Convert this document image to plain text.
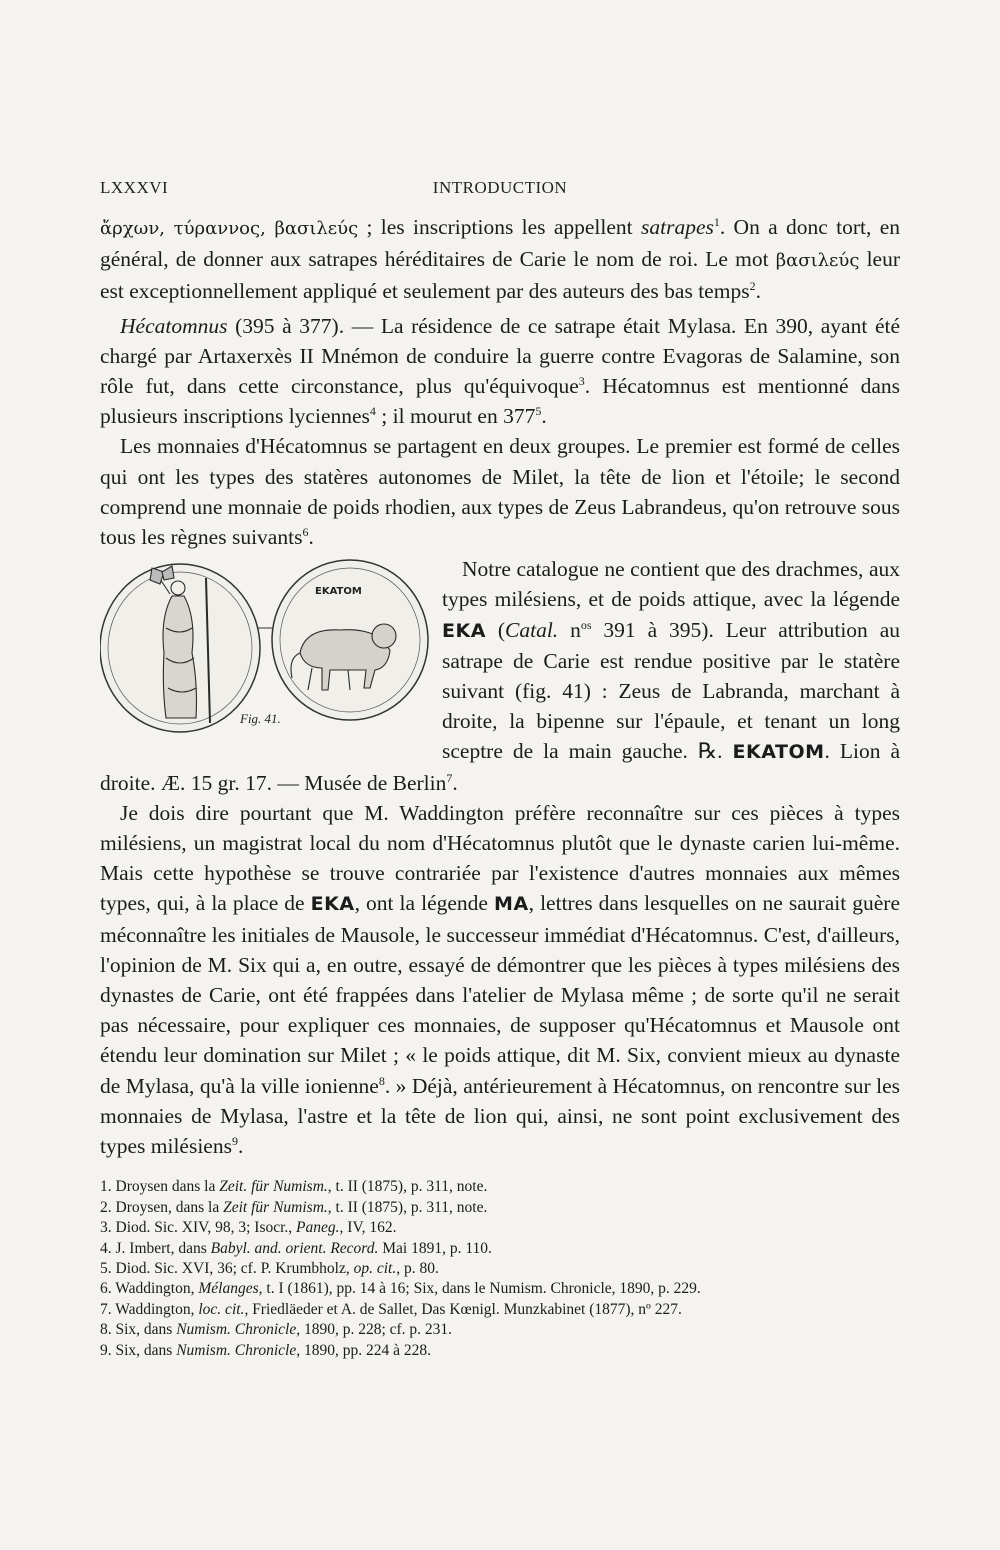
LXXXVI	INTRODUCTION

ἄρχων, τύραννος, βασιλεύς ; les inscriptions les appellent satrapes$^1$. On a donc tort, en général, de donner aux satrapes héréditaires de Carie le nom de roi. Le mot βασιλεύς leur est exceptionnellement appliqué et seulement par des auteurs des bas temps$^2$.

Hécatomnus (395 à 377). — La résidence de ce satrape était Mylasa. En 390, ayant été chargé par Artaxerxès II Mnémon de conduire la guerre contre Evagoras de Salamine, son rôle fut, dans cette circonstance, plus qu'équivoque$^3$. Hécatomnus est mentionné dans plusieurs inscriptions lyciennes$^4$ ; il mourut en $377^5$.

Les monnaies d'Hécatomnus se partagent en deux groupes. Le premier est formé de celles qui ont les types des statères autonomes de Milet, la tête de lion et l'étoile; le second comprend une monnaie de poids rhodien, aux types de Zeus Labrandeus, qu'on retrouve sous tous les règnes suivants$^6$.

EKATOM
Fig. 41.

Notre catalogue ne contient que des drachmes, aux types milésiens, et de poids attique, avec la légende EKA (Catal. $n^{os}$ 391 à 395). Leur attribution au satrape de Carie est rendue positive par le statère suivant (fig. 41) : Zeus de Labranda, marchant à droite, la bipenne sur l'épaule, et tenant un long sceptre de la main gauche. ℞. EKATOM. Lion à droite. Æ. 15 gr. 17. — Musée de Berlin$^7$.

Je dois dire pourtant que M. Waddington préfère reconnaître sur ces pièces à types milésiens, un magistrat local du nom d'Hécatomnus plutôt que le dynaste carien lui-même. Mais cette hypothèse se trouve contrariée par l'existence d'autres monnaies aux mêmes types, qui, à la place de EKA, ont la légende MA, lettres dans lesquelles on ne saurait guère méconnaître les initiales de Mausole, le successeur immédiat d'Hécatomnus. C'est, d'ailleurs, l'opinion de M. Six qui a, en outre, essayé de démontrer que les pièces à types milésiens des dynastes de Carie, ont été frappées dans l'atelier de Mylasa même ; de sorte qu'il ne serait pas nécessaire, pour expliquer ces monnaies, de supposer qu'Hécatomnus et Mausole ont étendu leur domination sur Milet ; « le poids attique, dit M. Six, convient mieux au dynaste de Mylasa, qu'à la ville ionienne$^8$. » Déjà, antérieurement à Hécatomnus, on rencontre sur les monnaies de Mylasa, l'astre et la tête de lion qui, ainsi, ne sont point exclusivement des types milésiens$^9$.

1. Droysen dans la Zeit. für Numism., t. II (1875), p. 311, note.
2. Droysen, dans la Zeit für Numism., t. II (1875), p. 311, note.
3. Diod. Sic. XIV, 98, 3; Isocr., Paneg., IV, 162.
4. J. Imbert, dans Babyl. and. orient. Record. Mai 1891, p. 110.
5. Diod. Sic. XVI, 36; cf. P. Krumbholz, op. cit., p. 80.
6. Waddington, Mélanges, t. I (1861), pp. 14 à 16; Six, dans le Numism. Chronicle, 1890, p. 229.
7. Waddington, loc. cit., Friedläeder et A. de Sallet, Das Kœnigl. Munzkabinet (1877), nº 227.
8. Six, dans Numism. Chronicle, 1890, p. 228; cf. p. 231.
9. Six, dans Numism. Chronicle, 1890, pp. 224 à 228.
